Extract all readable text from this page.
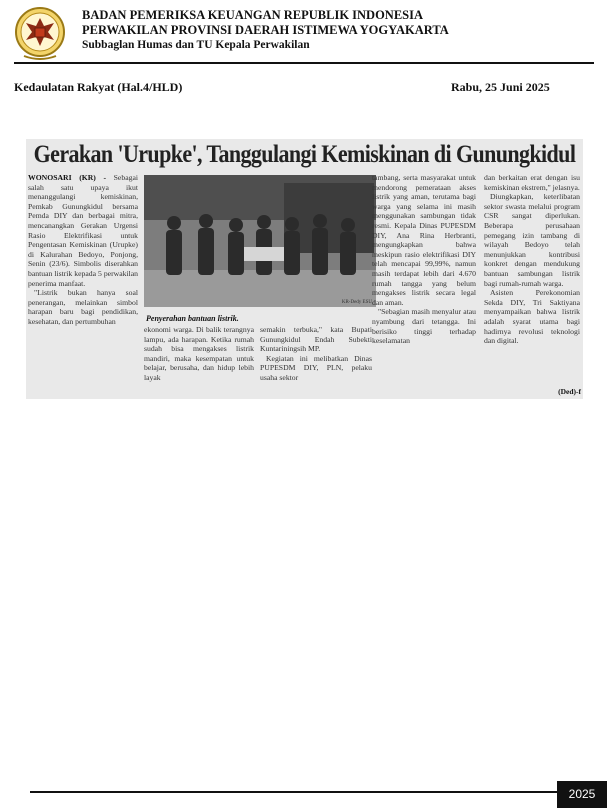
BADAN PEMERIKSA KEUANGAN REPUBLIK INDONESIA
PERWAKILAN PROVINSI DAERAH ISTIMEWA YOGYAKARTA
Subbaglan Humas dan TU Kepala Perwakilan
Kedaulatan Rakyat (Hal.4/HLD)	Rabu, 25 Juni 2025
Gerakan 'Urupke', Tanggulangi Kemiskinan di Gunungkidul

WONOSARI (KR) - Sebagai salah satu upaya ikut menanggulangi kemiskinan, Pemkab Gunungkidul bersama Pemda DIY dan berbagai mitra, mencanangkan Gerakan Urgensi Rasio Elektrifikasi untuk Pengentasan Kemiskinan (Urupke) di Kalurahan Bedoyo, Ponjong, Senin (23/6). Simbolis diserahkan bantuan listrik kepada 5 perwakilan penerima manfaat.

"Listrik bukan hanya soal penerangan, melainkan simbol harapan baru bagi pendidikan, kesehatan, dan pertumbuhan

KR-Dedy ESU
Penyerahan bantuan listrik.

ekonomi warga. Di balik terangnya lampu, ada harapan. Ketika rumah sudah bisa mengakses listrik mandiri, maka kesempatan untuk belajar, berusaha, dan hidup lebih layak

semakin terbuka," kata Bupati Gunungkidul Endah Subekti Kuntariningsih MP.

Kegiatan ini melibatkan Dinas PUPESDM DIY, PLN, pelaku usaha sektor

tambang, serta masyarakat untuk mendorong pemerataan akses listrik yang aman, terutama bagi warga yang selama ini masih menggunakan sambungan tidak resmi. Kepala Dinas PUPESDM DIY, Ana Rina Herbranti, mengungkapkan bahwa meskipun rasio elektrifikasi DIY telah mencapai 99,99%, namun masih terdapat lebih dari 4.670 rumah tangga yang belum mengakses listrik secara legal dan aman.

"Sebagian masih menyalur atau nyambung dari tetangga. Ini berisiko tinggi terhadap keselamatan

dan berkaitan erat dengan isu kemiskinan ekstrem," jelasnya.

Diungkapkan, keterlibatan sektor swasta melalui program CSR sangat diperlukan. Beberapa perusahaan pemegang izin tambang di wilayah Bedoyo telah menunjukkan kontribusi konkret dengan mendukung bantuan sambungan listrik bagi rumah-rumah warga.

Asisten Perekonomian Sekda DIY, Tri Saktiyana menyampaikan bahwa listrik adalah syarat utama bagi hadirnya revolusi teknologi dan digital.

(Ded)-f
2025
